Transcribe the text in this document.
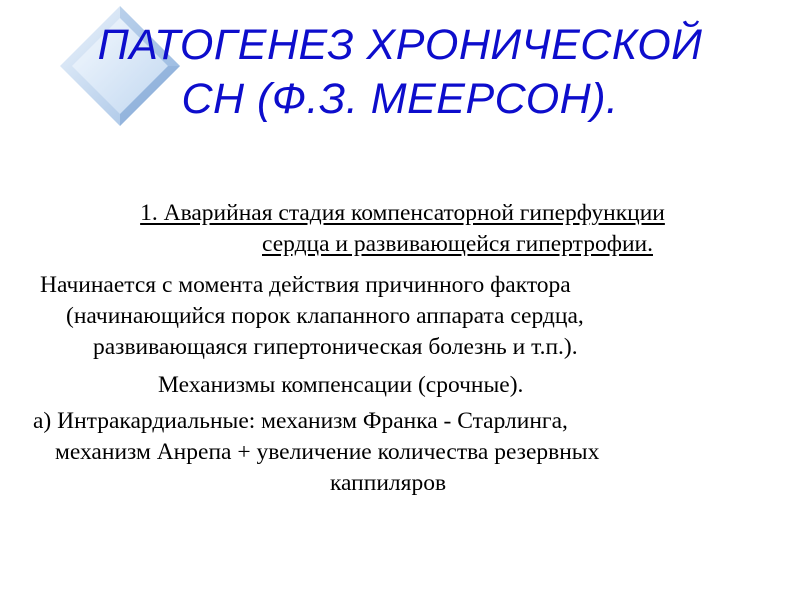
ПАТОГЕНЕЗ ХРОНИЧЕСКОЙ
СН (Ф.З. МЕЕРСОН).
1. Аварийная стадия компенсаторной гиперфункции
сердца и развивающейся гипертрофии.
Начинается с момента действия причинного фактора
(начинающийся порок клапанного аппарата сердца,
развивающаяся гипертоническая болезнь и т.п.).
Механизмы компенсации (срочные).
а) Интракардиальные: механизм Франка - Старлинга,
механизм Анрепа + увеличение количества резервных
каппиляров
